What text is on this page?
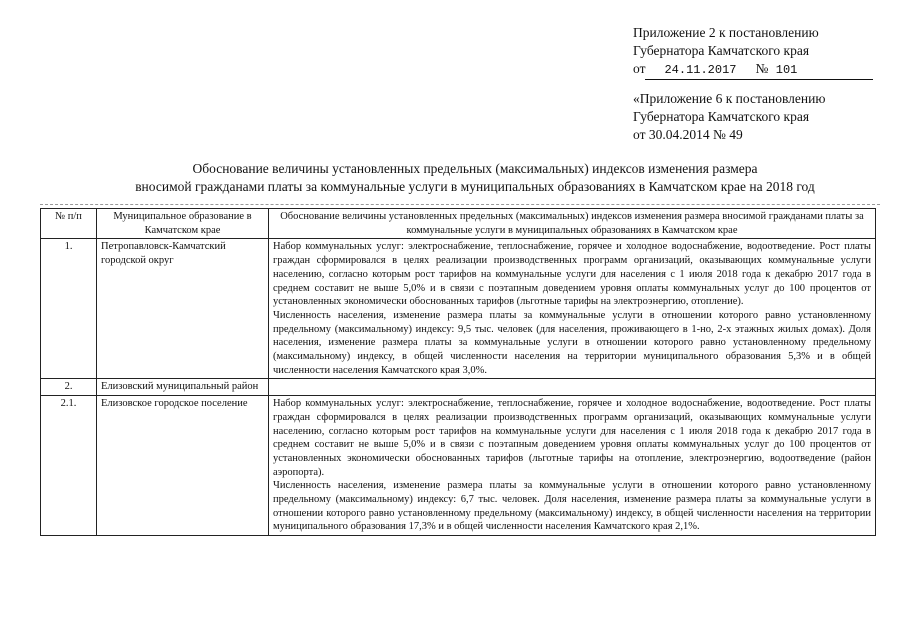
Приложение 2 к постановлению
Губернатора Камчатского края
от	24.11.2017	№ 101
«Приложение 6 к постановлению
Губернатора Камчатского края
от 30.04.2014 № 49
Обоснование величины установленных предельных (максимальных) индексов изменения размера
вносимой гражданами платы за коммунальные услуги в муниципальных образованиях в Камчатском крае на 2018 год
№ п/п	Муниципальное образование в Камчатском крае	Обоснование величины установленных предельных (максимальных) индексов изменения размера вносимой гражданами платы за коммунальные услуги в муниципальных образованиях в Камчатском крае
1.	Петропавловск-Камчатский городской округ	Набор коммунальных услуг: электроснабжение, теплоснабжение, горячее и холодное водоснабжение, водоотведение. Рост платы граждан сформировался в целях реализации производственных программ организаций, оказывающих коммунальные услуги населению, согласно которым рост тарифов на коммунальные услуги для населения с 1 июля 2018 года к декабрю 2017 года в среднем составит не выше 5,0% и в связи с поэтапным доведением уровня оплаты коммунальных услуг до 100 процентов от установленных экономически обоснованных тарифов (льготные тарифы на электроэнергию, отопление).

Численность населения, изменение размера платы за коммунальные услуги в отношении которого равно установленному предельному (максимальному) индексу: 9,5 тыс. человек (для населения, проживающего в 1-но, 2-х этажных жилых домах). Доля населения, изменение размера платы за коммунальные услуги в отношении которого равно установленному предельному (максимальному) индексу, в общей численности населения на территории муниципального образования 5,3% и в общей численности населения Камчатского края 3,0%.

2.	Елизовский муниципальный район	

2.1.	Елизовское городское поселение	Набор коммунальных услуг: электроснабжение, теплоснабжение, горячее и холодное водоснабжение, водоотведение. Рост платы граждан сформировался в целях реализации производственных программ организаций, оказывающих коммунальные услуги населению, согласно которым рост тарифов на коммунальные услуги для населения с 1 июля 2018 года к декабрю 2017 года в среднем составит не выше 5,0% и в связи с поэтапным доведением уровня оплаты коммунальных услуг до 100 процентов от установленных экономически обоснованных тарифов (льготные тарифы на отопление, электроэнергию, водоотведение (район аэропорта).

Численность населения, изменение размера платы за коммунальные услуги в отношении которого равно установленному предельному (максимальному) индексу: 6,7 тыс. человек. Доля населения, изменение размера платы за коммунальные услуги в отношении которого равно установленному предельному (максимальному) индексу, в общей численности населения на территории муниципального образования 17,3% и в общей численности населения Камчатского края 2,1%.
